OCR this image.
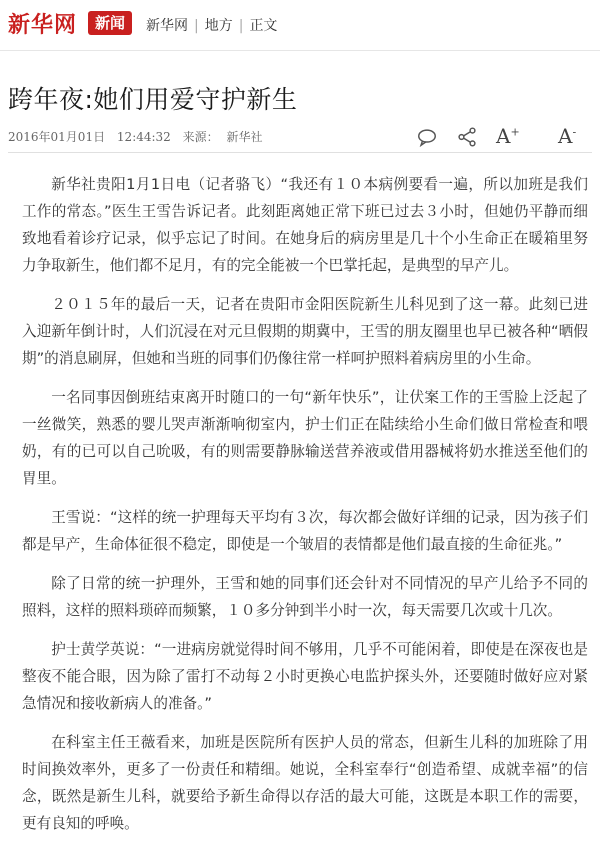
新华网	新闻	新华网 | 地方 | 正文
跨年夜:她们用爱守护新生
2016年01月01日 12:44:32 来源： 新华社	A+ A-

新华社贵阳1月1日电（记者骆飞）“我还有１０本病例要看一遍，所以加班是我们工作的常态。”医生王雪告诉记者。此刻距离她正常下班已过去３小时，但她仍平静而细致地看着诊疗记录，似乎忘记了时间。在她身后的病房里是几十个小生命正在暖箱里努力争取新生，他们都不足月，有的完全能被一个巴掌托起，是典型的早产儿。

２０１５年的最后一天，记者在贵阳市金阳医院新生儿科见到了这一幕。此刻已进入迎新年倒计时，人们沉浸在对元旦假期的期冀中，王雪的朋友圈里也早已被各种“晒假期”的消息刷屏，但她和当班的同事们仍像往常一样呵护照料着病房里的小生命。

一名同事因倒班结束离开时随口的一句“新年快乐”，让伏案工作的王雪脸上泛起了一丝微笑，熟悉的婴儿哭声渐渐响彻室内，护士们正在陆续给小生命们做日常检查和喂奶，有的已可以自己吮吸，有的则需要静脉输送营养液或借用器械将奶水推送至他们的胃里。

王雪说：“这样的统一护理每天平均有３次，每次都会做好详细的记录，因为孩子们都是早产，生命体征很不稳定，即使是一个皱眉的表情都是他们最直接的生命征兆。”

除了日常的统一护理外，王雪和她的同事们还会针对不同情况的早产儿给予不同的照料，这样的照料琐碎而频繁，１０多分钟到半小时一次，每天需要几次或十几次。

护士黄学英说：“一进病房就觉得时间不够用，几乎不可能闲着，即使是在深夜也是整夜不能合眼，因为除了雷打不动每２小时更换心电监护探头外，还要随时做好应对紧急情况和接收新病人的准备。”

在科室主任王薇看来，加班是医院所有医护人员的常态，但新生儿科的加班除了用时间换效率外，更多了一份责任和精细。她说，全科室奉行“创造希望、成就幸福”的信念，既然是新生儿科，就要给予新生命得以存活的最大可能，这既是本职工作的需要，更有良知的呼唤。
